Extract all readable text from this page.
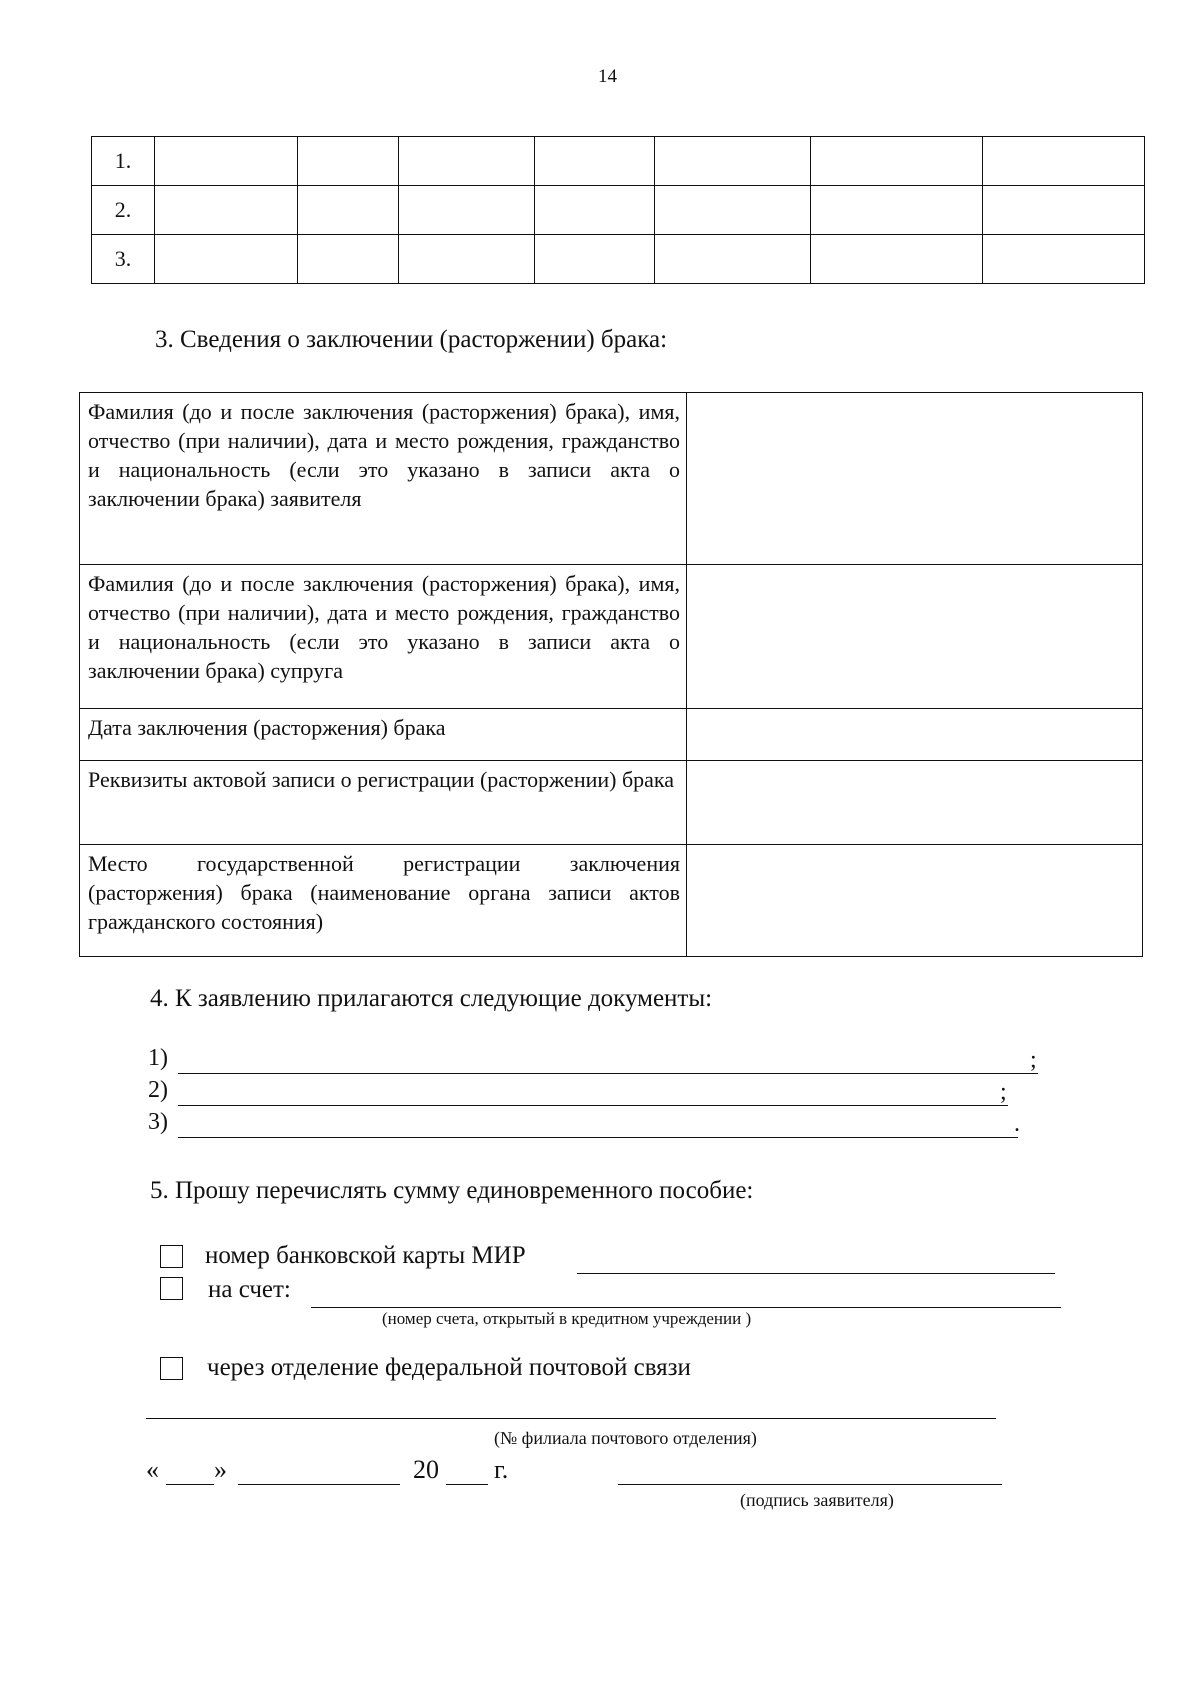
14
1.							
2.							
3.							
3. Сведения о заключении (расторжении) брака:
Фамилия (до и после заключения (расторжения) брака), имя, отчество (при наличии), дата и место рождения, гражданство и национальность (если это указано в записи акта о заключении брака) заявителя	
Фамилия (до и после заключения (расторжения) брака), имя, отчество (при наличии), дата и место рождения, гражданство и национальность (если это указано в записи акта о заключении брака) супруга	
Дата заключения (расторжения) брака	
Реквизиты актовой записи о регистрации (расторжении) брака	
Место государственной регистрации заключения (расторжения) брака (наименование органа записи актов гражданского состояния)	
4. К заявлению прилагаются следующие документы:
1)	;
2)	;
3)	.
5. Прошу перечислять сумму единовременного пособие:
номер банковской карты МИР
на счет:
(номер счета, открытый в кредитном учреждении )
через отделение федеральной почтовой связи
(№ филиала почтового отделения)
« »	20 г.
(подпись заявителя)
